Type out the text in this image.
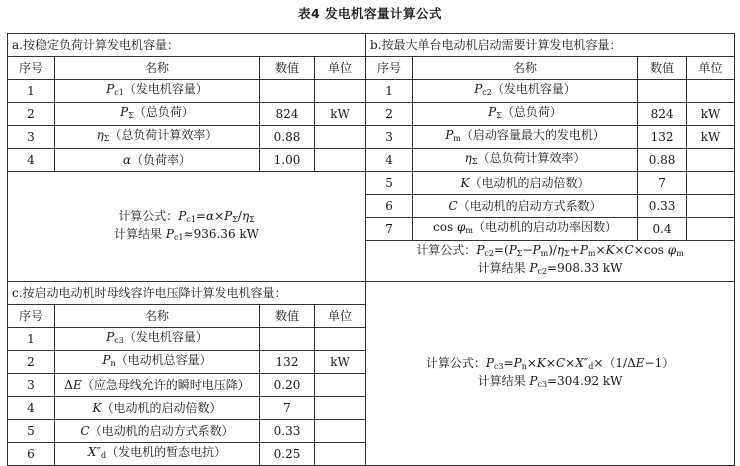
表4 发电机容量计算公式
a.按稳定负荷计算发电机容量：				b.按最大单台电动机启动需要计算发电机容量：			
序号	名称	数值	单位	序号	名称	数值	单位
1	$P_{c1}$（发电机容量）			1	$P_{c2}$（发电机容量）		
2	$P_\Sigma$（总负荷）	824	kW	2	$P_\Sigma$（总负荷）	824	kW
3	$\eta_\Sigma$（总负荷计算效率）	0.88		3	$P_m$（启动容量最大的发电机）	132	kW
4	α（负荷率）	1.00		4	$\eta_\Sigma$（总负荷计算效率）	0.88	
计算公式：$P_{c1}=\alpha\times P_\Sigma/\eta_\Sigma$
计算结果 $P_{c1}\approx 936.36$ kW				5	K（电动机的启动倍数）	7	
				6	C（电动机的启动方式系数）	0.33	
				7	$\cos \varphi_m$（电动机的启动功率因数）	0.4	
				计算公式：$P_{c2}=(P_\Sigma-P_m)/\eta_\Sigma+P_m\times K\times C\times\cos$ $\varphi_m$
计算结果 $P_{c2}=908.33$ kW			
c.按启动电动机时母线容许电压降计算发电机容量：				计算公式：$P_{c3}=P_n\times K\times C\times X''_d\times(1/\Delta E-1)$
计算结果 $P_{c3}=304.92$ kW			
序号	名称	数值	单位				
1	$P_{c3}$（发电机容量）						
2	$P_n$（电动机总容量）	132	kW				
3	ΔE（应急母线允许的瞬时电压降）	0.20					
4	K（电动机的启动倍数）	7					
5	C（电动机的启动方式系数）	0.33					
6	$X''_d$（发电机的暂态电抗）	0.25					
